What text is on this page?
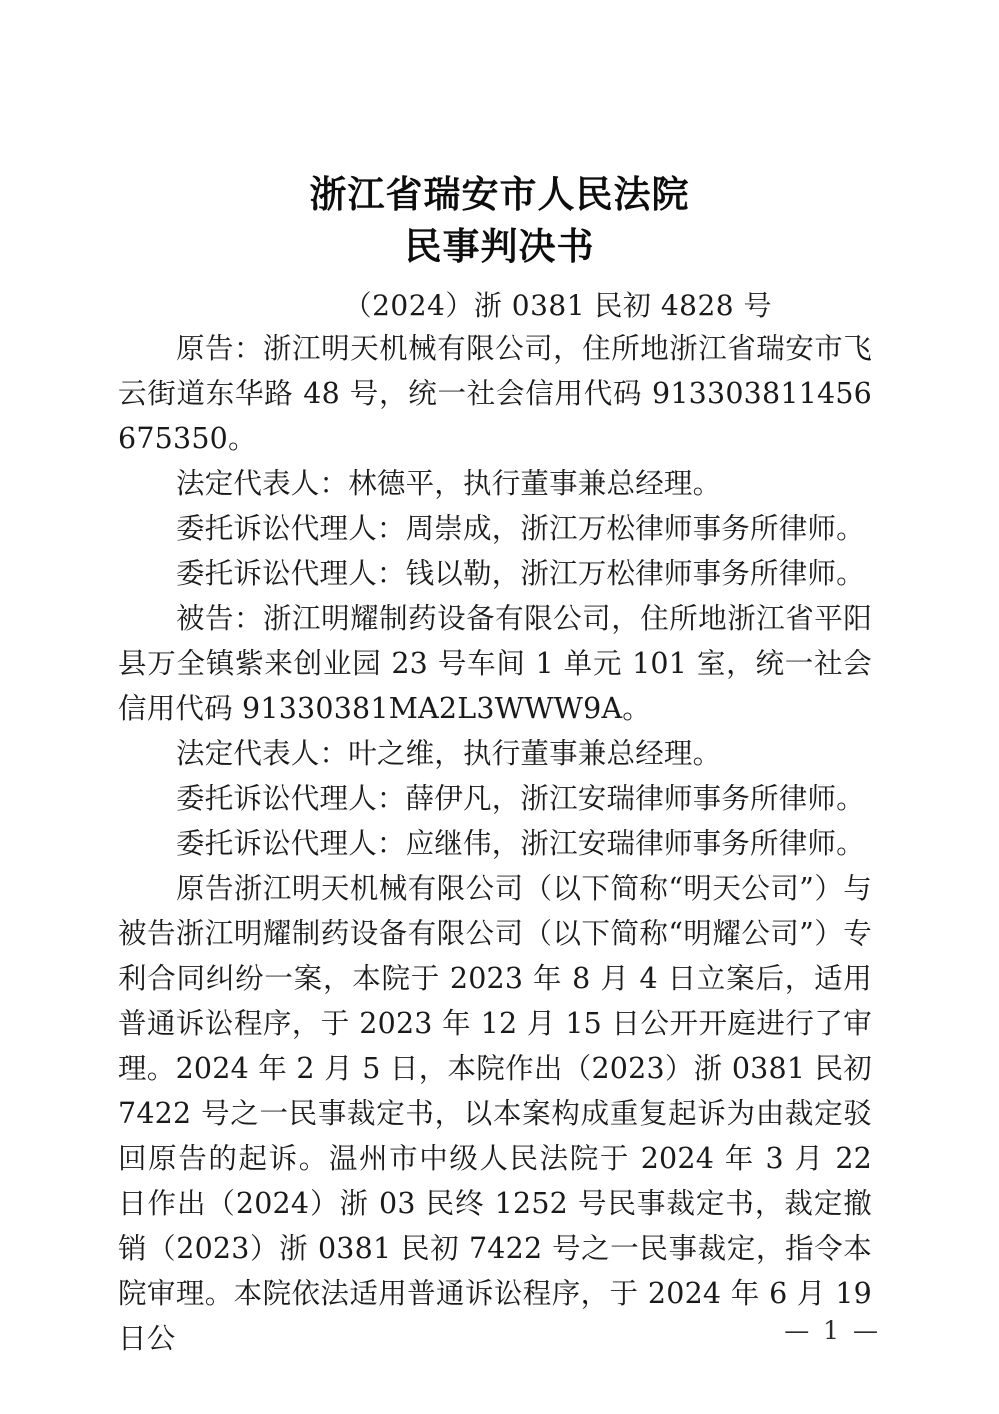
浙江省瑞安市人民法院
民事判决书
（2024）浙 0381 民初 4828 号

原告：浙江明天机械有限公司，住所地浙江省瑞安市飞云街道东华路 48 号，统一社会信用代码 913303811456675350。

法定代表人：林德平，执行董事兼总经理。

委托诉讼代理人：周崇成，浙江万松律师事务所律师。

委托诉讼代理人：钱以勒，浙江万松律师事务所律师。

被告：浙江明耀制药设备有限公司，住所地浙江省平阳县万全镇紫来创业园 23 号车间 1 单元 101 室，统一社会信用代码 91330381MA2L3WWW9A。

法定代表人：叶之维，执行董事兼总经理。

委托诉讼代理人：薛伊凡，浙江安瑞律师事务所律师。

委托诉讼代理人：应继伟，浙江安瑞律师事务所律师。

原告浙江明天机械有限公司（以下简称“明天公司”）与被告浙江明耀制药设备有限公司（以下简称“明耀公司”）专利合同纠纷一案，本院于 2023 年 8 月 4 日立案后，适用普通诉讼程序，于 2023 年 12 月 15 日公开开庭进行了审理。2024 年 2 月 5 日，本院作出（2023）浙 0381 民初 7422 号之一民事裁定书，以本案构成重复起诉为由裁定驳回原告的起诉。温州市中级人民法院于 2024 年 3 月 22 日作出（2024）浙 03 民终 1252 号民事裁定书，裁定撤销（2023）浙 0381 民初 7422 号之一民事裁定，指令本院审理。本院依法适用普通诉讼程序，于 2024 年 6 月 19 日公	— 1 —
